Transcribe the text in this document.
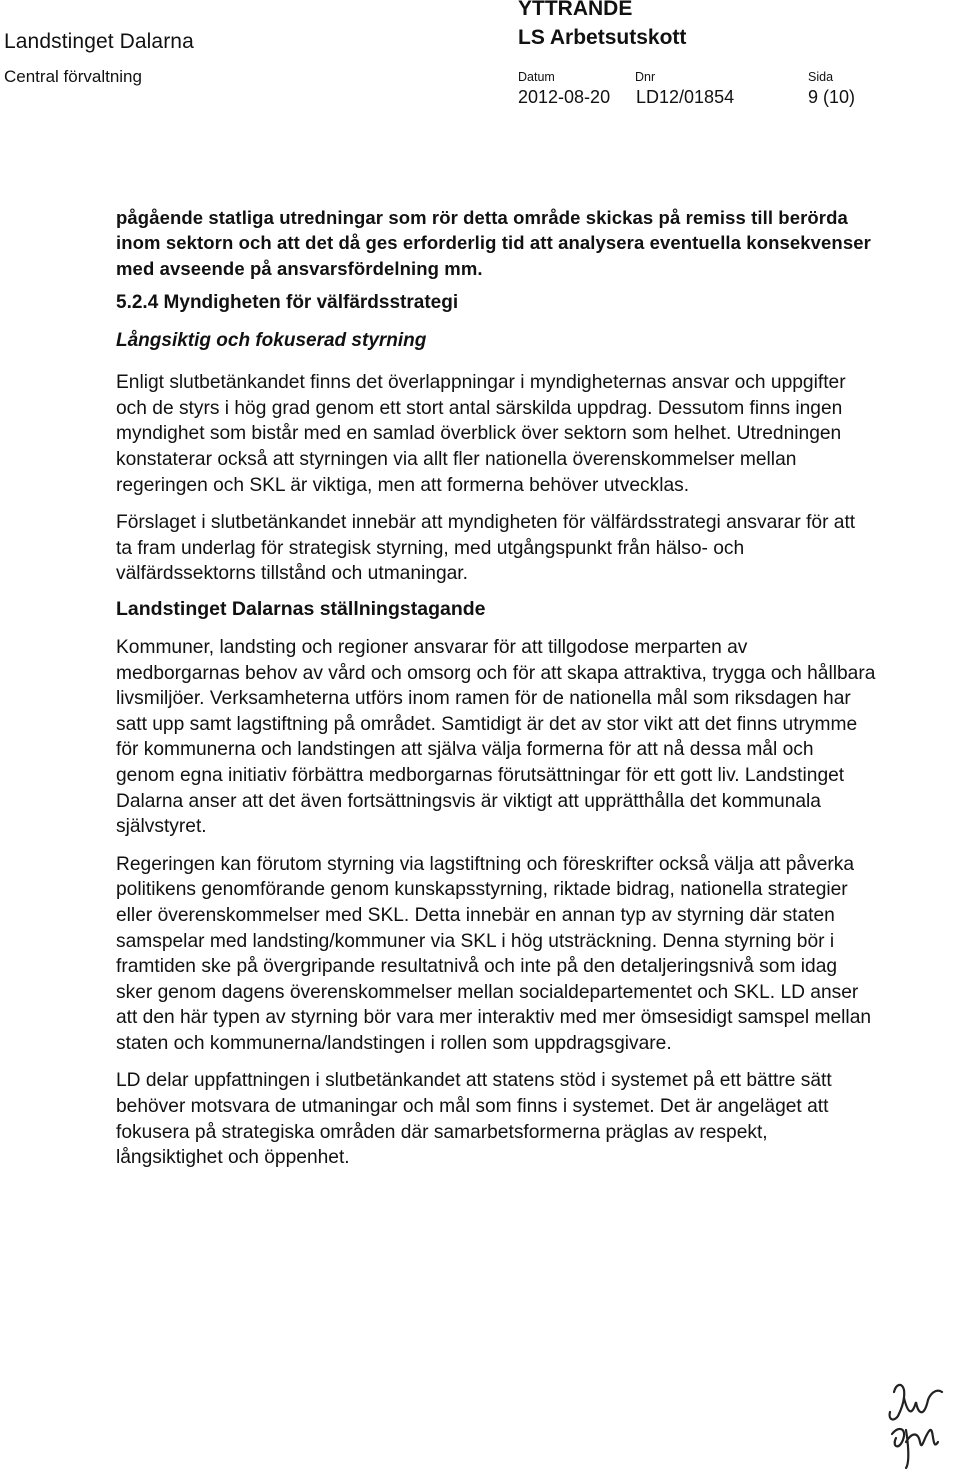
Landstinget Dalarna
Central förvaltning
YTTRANDE
LS Arbetsutskott
Datum	Dnr	Sida
2012-08-20 LD12/01854	9 (10)

pågående statliga utredningar som rör detta område skickas på remiss till berörda inom sektorn och att det då ges erforderlig tid att analysera eventuella konsekvenser med avseende på ansvarsfördelning mm.

5.2.4 Myndigheten för välfärdsstrategi

Långsiktig och fokuserad styrning

Enligt slutbetänkandet finns det överlappningar i myndigheternas ansvar och uppgifter och de styrs i hög grad genom ett stort antal särskilda uppdrag. Dessutom finns ingen myndighet som bistår med en samlad överblick över sektorn som helhet. Utredningen konstaterar också att styrningen via allt fler nationella överenskommelser mellan regeringen och SKL är viktiga, men att formerna behöver utvecklas.

Förslaget i slutbetänkandet innebär att myndigheten för välfärdsstrategi ansvarar för att ta fram underlag för strategisk styrning, med utgångspunkt från hälso- och välfärdssektorns tillstånd och utmaningar.

Landstinget Dalarnas ställningstagande

Kommuner, landsting och regioner ansvarar för att tillgodose merparten av medborgarnas behov av vård och omsorg och för att skapa attraktiva, trygga och hållbara livsmiljöer. Verksamheterna utförs inom ramen för de nationella mål som riksdagen har satt upp samt lagstiftning på området. Samtidigt är det av stor vikt att det finns utrymme för kommunerna och landstingen att själva välja formerna för att nå dessa mål och genom egna initiativ förbättra medborgarnas förutsättningar för ett gott liv. Landstinget Dalarna anser att det även fortsättningsvis är viktigt att upprätthålla det kommunala självstyret.

Regeringen kan förutom styrning via lagstiftning och föreskrifter också välja att påverka politikens genomförande genom kunskapsstyrning, riktade bidrag, nationella strategier eller överenskommelser med SKL. Detta innebär en annan typ av styrning där staten samspelar med landsting/kommuner via SKL i hög utsträckning. Denna styrning bör i framtiden ske på övergripande resultatnivå och inte på den detaljeringsnivå som idag sker genom dagens överenskommelser mellan socialdepartementet och SKL. LD anser att den här typen av styrning bör vara mer interaktiv med mer ömsesidigt samspel mellan staten och kommunerna/landstingen i rollen som uppdragsgivare.

LD delar uppfattningen i slutbetänkandet att statens stöd i systemet på ett bättre sätt behöver motsvara de utmaningar och mål som finns i systemet. Det är angeläget att fokusera på strategiska områden där samarbetsformerna präglas av respekt, långsiktighet och öppenhet.
